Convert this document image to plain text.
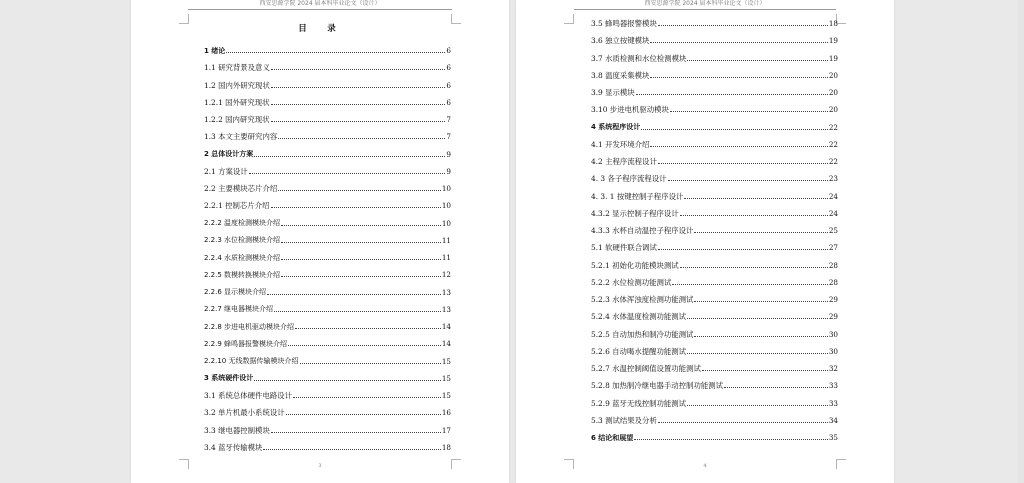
西安思源学院 2024 届本科毕业论文（设计）
目　录
1 绪论	6
1.1 研究背景及意义	6
1.2 国内外研究现状	6
1.2.1 国外研究现状	6
1.2.2 国内研究现状	7
1.3 本文主要研究内容	7
2 总体设计方案	9
2.1 方案设计	9
2.2 主要模块芯片介绍	10
2.2.1 控制芯片介绍	10
2.2.2 温度检测模块介绍	10
2.2.3 水位检测模块介绍	11
2.2.4 水质检测模块介绍	11
2.2.5 数模转换模块介绍	12
2.2.6 显示模块介绍	13
2.2.7 继电器模块介绍	13
2.2.8 步进电机驱动模块介绍	14
2.2.9 蜂鸣器报警模块介绍	14
2.2.10 无线数据传输模块介绍	15
3 系统硬件设计	15
3.1 系统总体硬件电路设计	15
3.2 单片机最小系统设计	16
3.3 继电器控制模块	17
3.4 蓝牙传输模块	18
3
西安思源学院 2024 届本科毕业论文（设计）
3.5 蜂鸣器报警模块	18
3.6 独立按键模块	19
3.7 水质检测和水位检测模块	19
3.8 温度采集模块	20
3.9 显示模块	20
3.10 步进电机驱动模块	20
4 系统程序设计	22
4.1 开发环境介绍	22
4.2 主程序流程设计	22
4. 3 各子程序流程设计	23
4. 3. 1 按键控制子程序设计	24
4.3.2 显示控制子程序设计	24
4.3.3 水杯自动温控子程序设计	25
5.1 软硬件联合调试	27
5.2.1 初始化功能模块测试	28
5.2.2 水位检测功能测试	28
5.2.3 水体浑浊度检测功能测试	29
5.2.4 水体温度检测功能测试	29
5.2.5 自动加热和制冷功能测试	30
5.2.6 自动喝水提醒功能测试	30
5.2.7 水温控制阈值设置功能测试	32
5.2.8 加热制冷继电器手动控制功能测试	33
5.2.9 蓝牙无线控制功能测试	33
5.3 测试结果及分析	34
6 结论和展望	35
4
